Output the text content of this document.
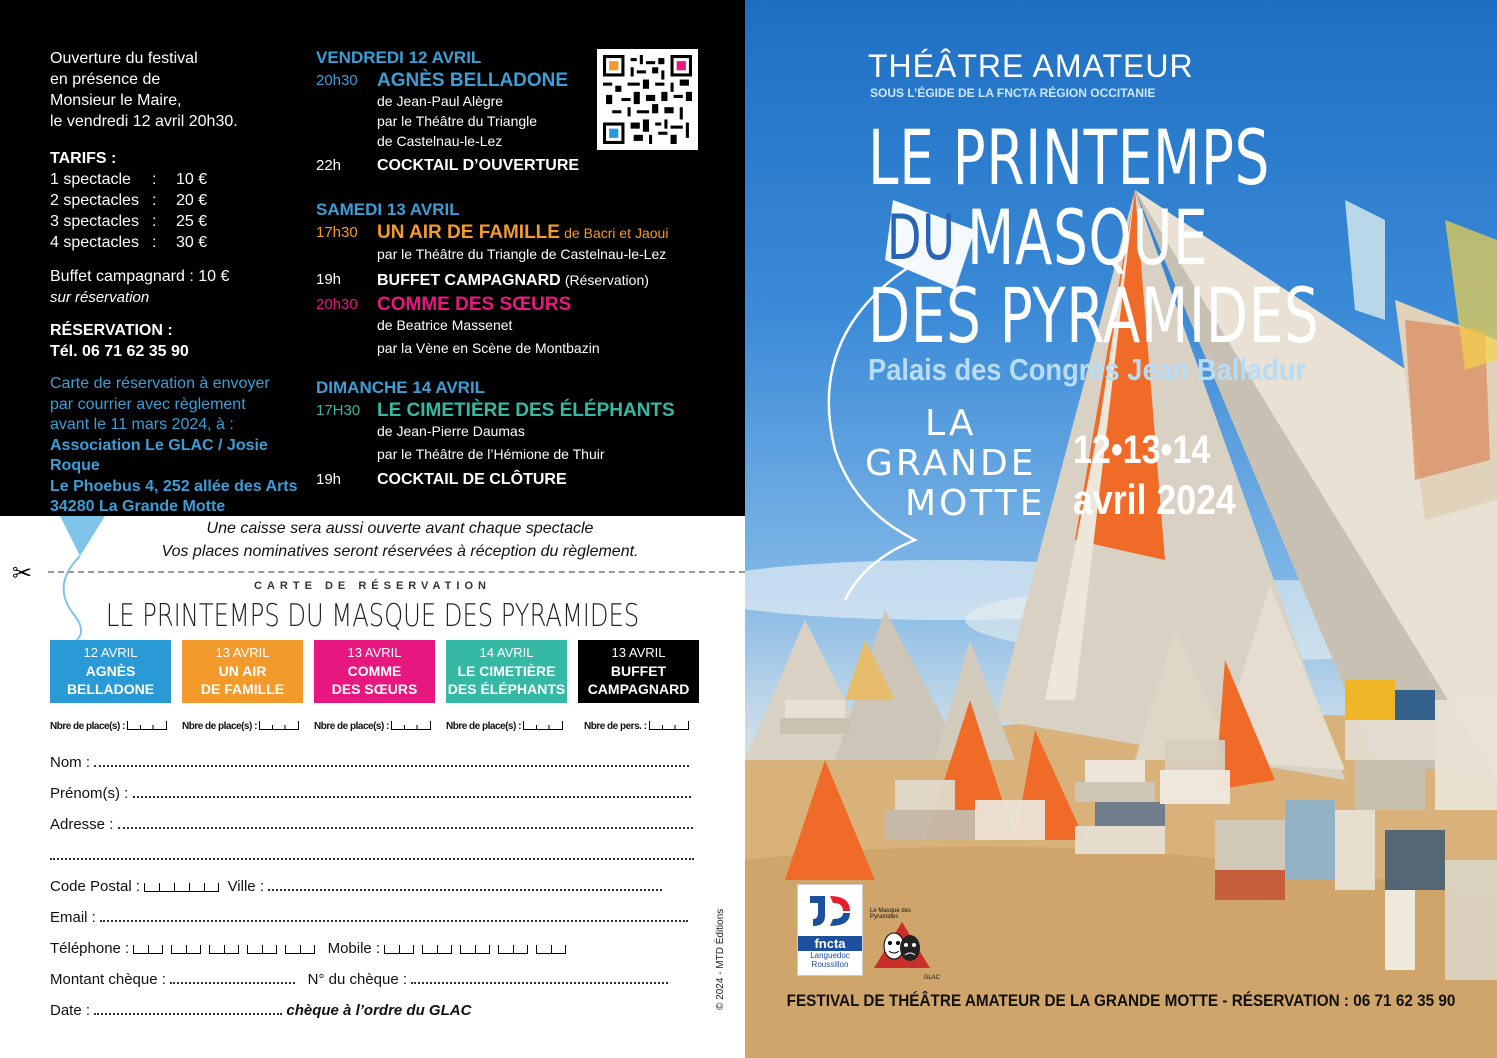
Ouverture du festival
en présence de
Monsieur le Maire,
le vendredi 12 avril 20h30.
TARIFS :
1 spectacle	:	10 €
2 spectacles :	20 €
3 spectacles :	25 €
4 spectacles :	30 €
Buffet campagnard : 10 €
sur réservation
RÉSERVATION :
Tél. 06 71 62 35 90
Carte de réservation à envoyer
par courrier avec règlement
avant le 11 mars 2024, à :
Association Le GLAC / Josie Roque
Le Phoebus 4, 252 allée des Arts
34280 La Grande Motte
VENDREDI 12 AVRIL
20h30	AGNÈS BELLADONE
de Jean-Paul Alègre
par le Théâtre du Triangle
de Castelnau-le-Lez
22h	COCKTAIL D’OUVERTURE
SAMEDI 13 AVRIL
17h30	UN AIR DE FAMILLE de Bacri et Jaoui
par le Théâtre du Triangle de Castelnau-le-Lez
19h	BUFFET CAMPAGNARD (Réservation)
20h30	COMME DES SŒURS
de Beatrice Massenet
par la Vène en Scène de Montbazin
DIMANCHE 14 AVRIL
17H30 LE CIMETIÈRE DES ÉLÉPHANTS
de Jean-Pierre Daumas
par le Théâtre de l’Hémione de Thuir
19h	COCKTAIL DE CLÔTURE
Une caisse sera aussi ouverte avant chaque spectacle
Vos places nominatives seront réservées à réception du règlement.
✂	CARTE DE RÉSERVATION
LE PRINTEMPS DU MASQUE DES PYRAMIDES
12 AVRIL
AGNÈS
BELLADONE
13 AVRIL
UN AIR
DE FAMILLE
13 AVRIL
COMME
DES SŒURS
14 AVRIL
LE CIMETIÈRE
DES ÉLÉPHANTS
13 AVRIL
BUFFET
CAMPAGNARD
Nbre de place(s) :	Nbre de place(s) :	Nbre de place(s) :	Nbre de place(s) :	Nbre de pers. :
Nom :
Prénom(s) :
Adresse :
Code Postal :	Ville :
Email :
Téléphone :	Mobile :
Montant chèque :	N° du chèque :
Date :	chèque à l’ordre du GLAC
© 2024 - MTD Éditions
THÉÂTRE AMATEUR
SOUS L’ÉGIDE DE LA FNCTA RÉGION OCCITANIE
LE PRINTEMPS
DU MASQUE
DES PYRAMIDES
Palais des Congrès Jean Balladur
LA
GRANDE
MOTTE
12•13•14
avril 2024
fncta
Languedoc
Roussillon
Le Masque des Pyramides
GLAC
FESTIVAL DE THÉÂTRE AMATEUR DE LA GRANDE MOTTE - RÉSERVATION : 06 71 62 35 90
